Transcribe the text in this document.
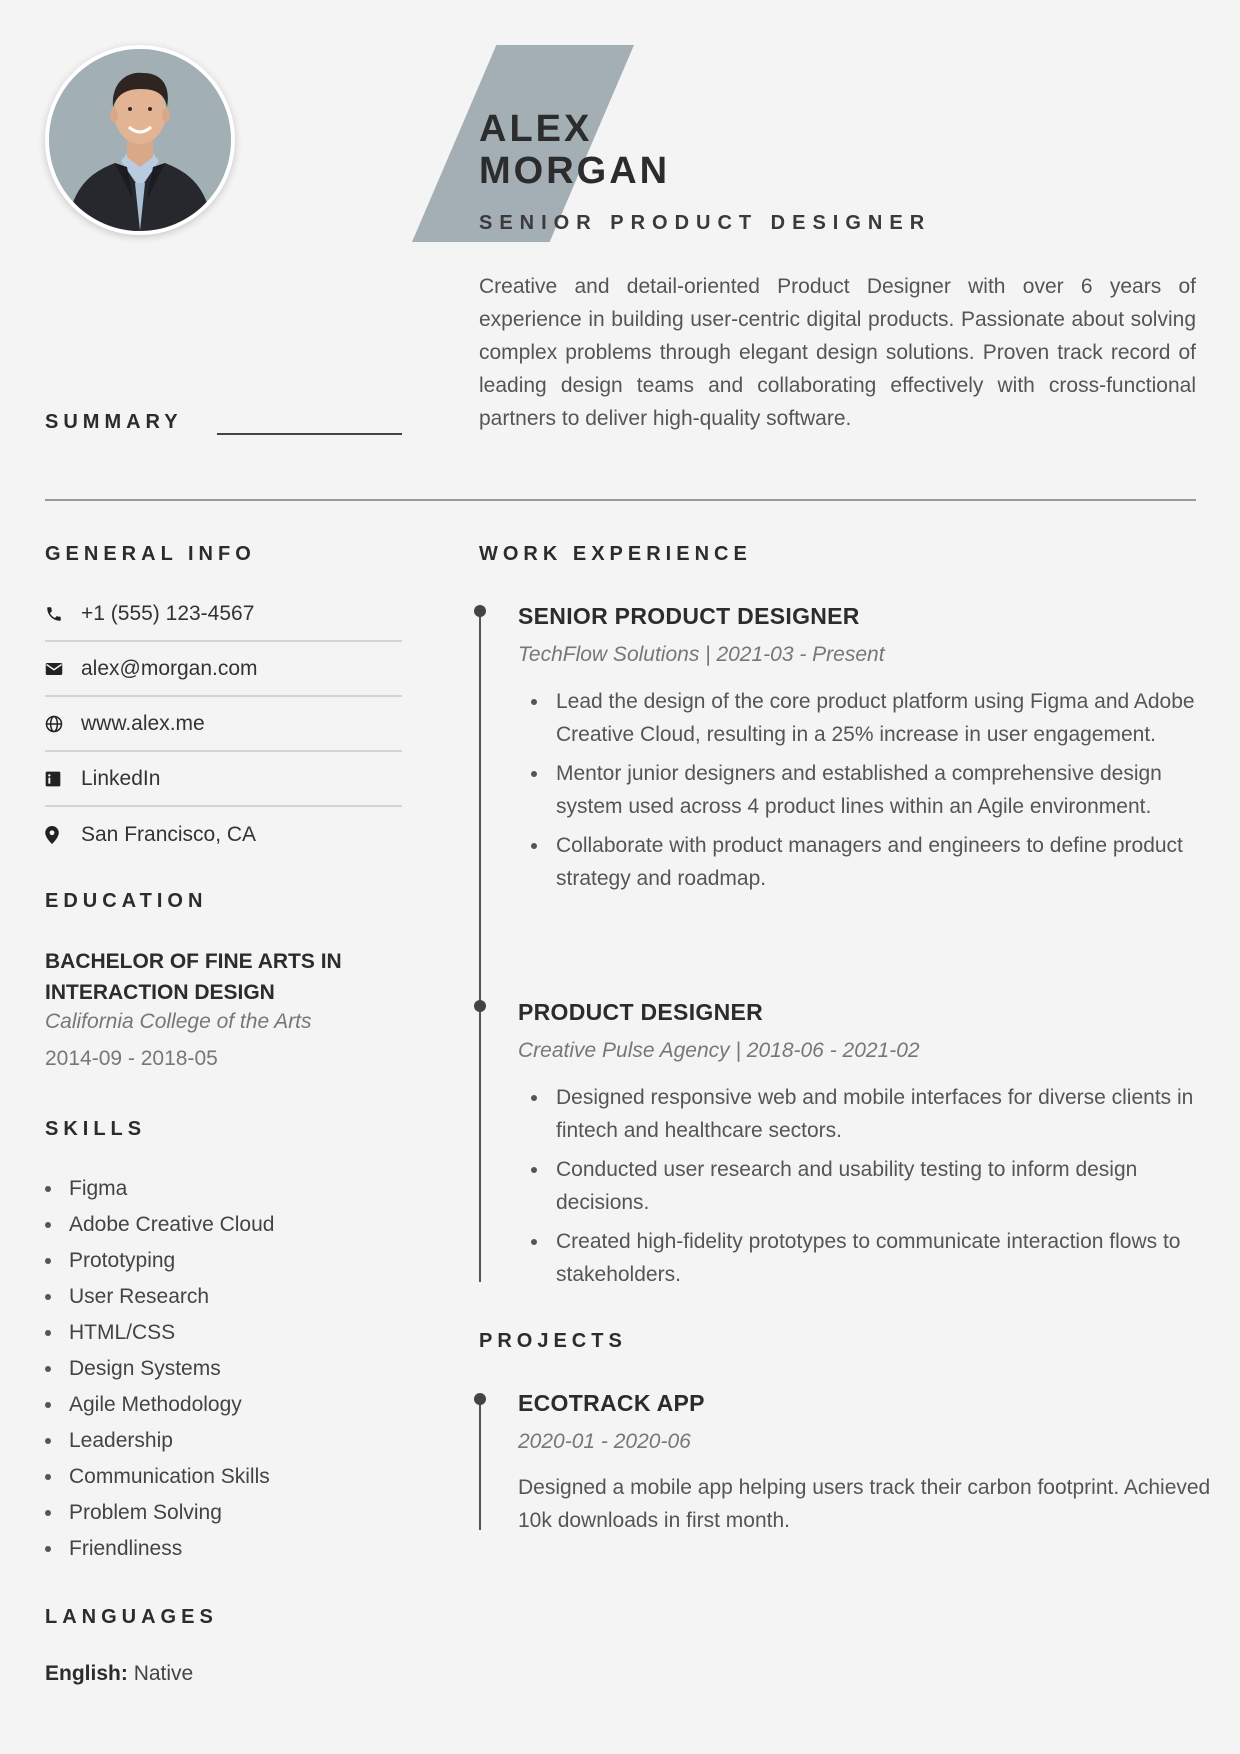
ALEX
MORGAN
SENIOR PRODUCT DESIGNER
SUMMARY
Creative and detail-oriented Product Designer with over 6 years of experience in building user-centric digital products. Passionate about solving complex problems through elegant design solutions. Proven track record of leading design teams and collaborating effectively with cross-functional partners to deliver high-quality software.
GENERAL INFO
+1 (555) 123-4567
alex@morgan.com
www.alex.me
LinkedIn
San Francisco, CA
EDUCATION
BACHELOR OF FINE ARTS IN INTERACTION DESIGN
California College of the Arts
2014-09 - 2018-05
SKILLS
Figma
Adobe Creative Cloud
Prototyping
User Research
HTML/CSS
Design Systems
Agile Methodology
Leadership
Communication Skills
Problem Solving
Friendliness
LANGUAGES
English: Native
WORK EXPERIENCE
SENIOR PRODUCT DESIGNER
TechFlow Solutions | 2021-03 - Present
Lead the design of the core product platform using Figma and Adobe Creative Cloud, resulting in a 25% increase in user engagement.
Mentor junior designers and established a comprehensive design system used across 4 product lines within an Agile environment.
Collaborate with product managers and engineers to define product strategy and roadmap.
PRODUCT DESIGNER
Creative Pulse Agency | 2018-06 - 2021-02
Designed responsive web and mobile interfaces for diverse clients in fintech and healthcare sectors.
Conducted user research and usability testing to inform design decisions.
Created high-fidelity prototypes to communicate interaction flows to stakeholders.
PROJECTS
ECOTRACK APP
2020-01 - 2020-06
Designed a mobile app helping users track their carbon footprint. Achieved 10k downloads in first month.
